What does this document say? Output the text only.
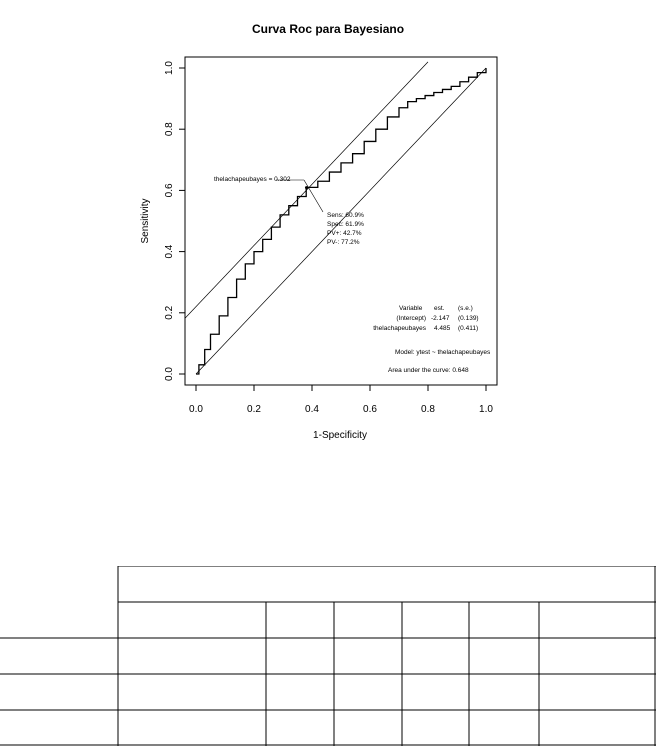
Curva Roc para Bayesiano
0.0	0.2	0.4	0.6	0.8	1.0
0.0
0.2
0.4
0.6
0.8
1.0
1-Specificity
Sensitivity
thelachapeubayes = 0.302
Sens: 60.9%
Spec: 61.9%
PV+: 42.7%
PV-: 77.2%
Variable est. (s.e.)
(Intercept) -2.147 (0.139)
thelachapeubayes 4.485 (0.411)
Model: ytest ~ thelachapeubayes
Area under the curve: 0.648
